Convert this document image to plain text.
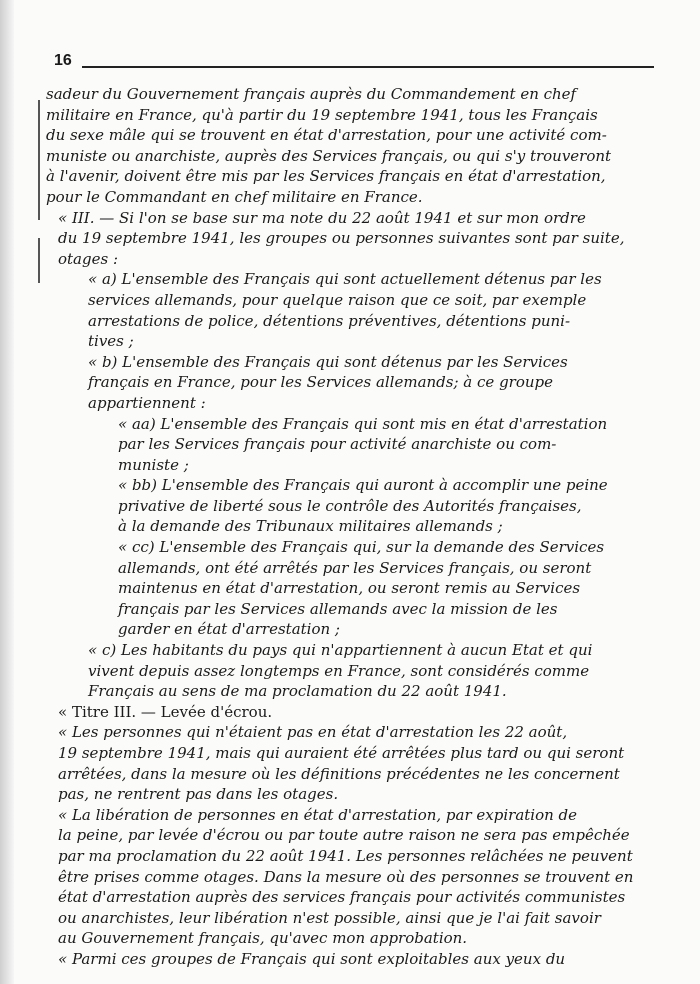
16

sadeur du Gouvernement français auprès du Commandement en chef
militaire en France, qu'à partir du 19 septembre 1941, tous les Français
du sexe mâle qui se trouvent en état d'arrestation, pour une activité com-
muniste ou anarchiste, auprès des Services français, ou qui s'y trouveront
à l'avenir, doivent être mis par les Services français en état d'arrestation,
pour le Commandant en chef militaire en France.

« III. — Si l'on se base sur ma note du 22 août 1941 et sur mon ordre
du 19 septembre 1941, les groupes ou personnes suivantes sont par suite,
otages :

« a) L'ensemble des Français qui sont actuellement détenus par les
services allemands, pour quelque raison que ce soit, par exemple
arrestations de police, détentions préventives, détentions puni-
tives ;

« b) L'ensemble des Français qui sont détenus par les Services
français en France, pour les Services allemands; à ce groupe
appartiennent :

« aa) L'ensemble des Français qui sont mis en état d'arrestation
par les Services français pour activité anarchiste ou com-
muniste ;

« bb) L'ensemble des Français qui auront à accomplir une peine
privative de liberté sous le contrôle des Autorités françaises,
à la demande des Tribunaux militaires allemands ;

« cc) L'ensemble des Français qui, sur la demande des Services
allemands, ont été arrêtés par les Services français, ou seront
maintenus en état d'arrestation, ou seront remis au Services
français par les Services allemands avec la mission de les
garder en état d'arrestation ;

« c) Les habitants du pays qui n'appartiennent à aucun Etat et qui
vivent depuis assez longtemps en France, sont considérés comme
Français au sens de ma proclamation du 22 août 1941.

« Titre III. — Levée d'écrou.

« Les personnes qui n'étaient pas en état d'arrestation les 22 août,
19 septembre 1941, mais qui auraient été arrêtées plus tard ou qui seront
arrêtées, dans la mesure où les définitions précédentes ne les concernent
pas, ne rentrent pas dans les otages.

« La libération de personnes en état d'arrestation, par expiration de
la peine, par levée d'écrou ou par toute autre raison ne sera pas empêchée
par ma proclamation du 22 août 1941. Les personnes relâchées ne peuvent
être prises comme otages. Dans la mesure où des personnes se trouvent en
état d'arrestation auprès des services français pour activités communistes
ou anarchistes, leur libération n'est possible, ainsi que je l'ai fait savoir
au Gouvernement français, qu'avec mon approbation.

« Parmi ces groupes de Français qui sont exploitables aux yeux du
